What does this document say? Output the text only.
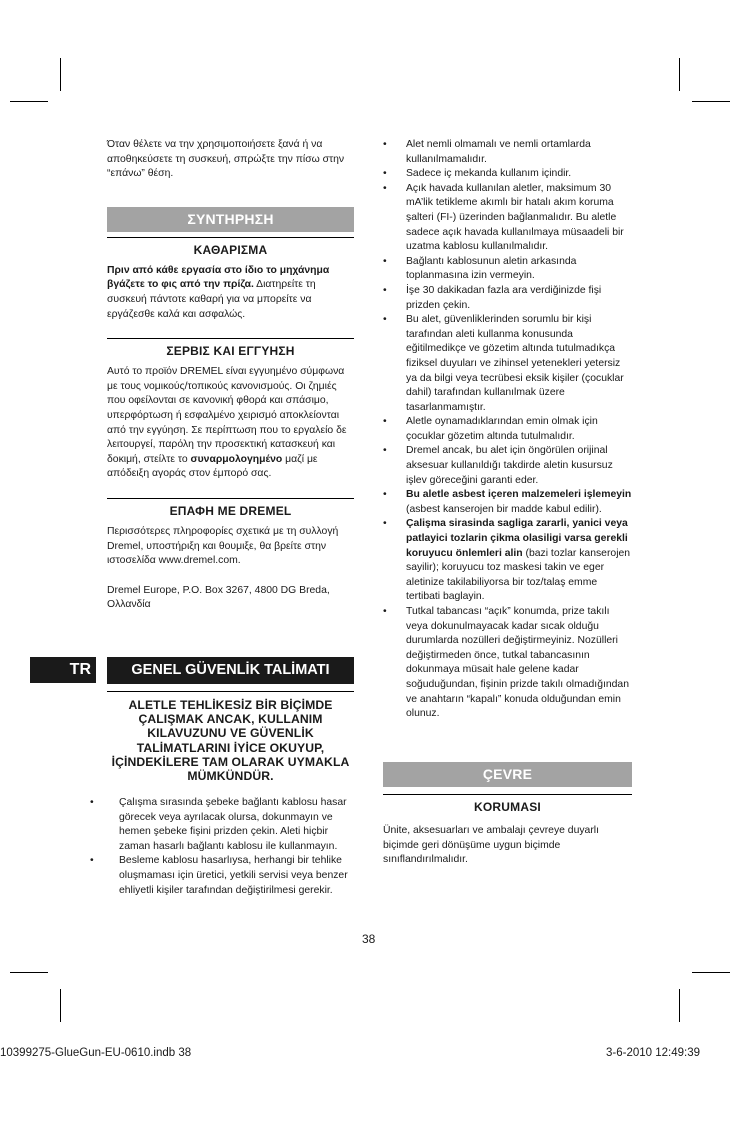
Όταν θέλετε να την χρησιμοποιήσετε ξανά ή να αποθηκεύσετε τη συσκευή, σπρώξτε την πίσω στην “επάνω” θέση.

ΣΥΝΤΗΡΗΣΗ
ΚΑΘΑΡΙΣΜΑ

Πριν από κάθε εργασία στο ίδιο το μηχάνημα βγάζετε το φις από την πρίζα. Διατηρείτε τη συσκευή πάντοτε καθαρή για να μπορείτε να εργάζεσθε καλά και ασφαλώς.

ΣΕΡΒΙΣ ΚΑΙ ΕΓΓΥΗΣΗ

Αυτό το προϊόν DREMEL είναι εγγυημένο σύμφωνα με τους νομικούς/τοπικούς κανονισμούς. Οι ζημιές που οφείλονται σε κανονική φθορά και σπάσιμο, υπερφόρτωση ή εσφαλμένο χειρισμό αποκλείονται από την εγγύηση. Σε περίπτωση που το εργαλείο δε λειτουργεί, παρόλη την προσεκτική κατασκευή και δοκιμή, στείλτε το συναρμολογημένο μαζί με απόδειξη αγοράς στον έμπορό σας.

ΕΠΑΦΗ ΜΕ DREMEL

Περισσότερες πληροφορίες σχετικά με τη συλλογή Dremel, υποστήριξη και θουμιξε, θα βρείτε στην ιστοσελίδα www.dremel.com.

Dremel Europe, P.O. Box 3267, 4800 DG Breda, Ολλανδία

TR	GENEL GÜVENLİK TALİMATI
ALETLE TEHLİKESİZ BİR BİÇİMDE ÇALIŞMAK ANCAK, KULLANIM KILAVUZUNU VE GÜVENLİK TALİMATLARINI İYİCE OKUYUP, İÇİNDEKİLERE TAM OLARAK UYMAKLA MÜMKÜNDÜR.
• Çalışma sırasında şebeke bağlantı kablosu hasar görecek veya ayrılacak olursa, dokunmayın ve hemen şebeke fişini prizden çekin. Aleti hiçbir zaman hasarlı bağlantı kablosu ile kullanmayın.
• Besleme kablosu hasarlıysa, herhangi bir tehlike oluşmaması için üretici, yetkili servisi veya benzer ehliyetli kişiler tarafından değiştirilmesi gerekir.
• Alet nemli olmamalı ve nemli ortamlarda kullanılmamalıdır.
• Sadece iç mekanda kullanım içindir.
• Açık havada kullanılan aletler, maksimum 30 mA’lik tetikleme akımlı bir hatalı akım koruma şalteri (FI-) üzerinden bağlanmalıdır. Bu aletle sadece açık havada kullanılmaya müsaadeli bir uzatma kablosu kullanılmalıdır.
• Bağlantı kablosunun aletin arkasında toplanmasına izin vermeyin.
• İşe 30 dakikadan fazla ara verdiğinizde fişi prizden çekin.
• Bu alet, güvenliklerinden sorumlu bir kişi tarafından aleti kullanma konusunda eğitilmedikçe ve gözetim altında tutulmadıkça fiziksel duyuları ve zihinsel yetenekleri yetersiz ya da bilgi veya tecrübesi eksik kişiler (çocuklar dahil) tarafından kullanılmak üzere tasarlanmamıştır.
• Aletle oynamadıklarından emin olmak için çocuklar gözetim altında tutulmalıdır.
• Dremel ancak, bu alet için öngörülen orijinal aksesuar kullanıldığı takdirde aletin kusursuz işlev göreceğini garanti eder.
• Bu aletle asbest içeren malzemeleri işlemeyin (asbest kanserojen bir madde kabul edilir).
• Çalişma sirasinda sagliga zararli, yanici veya patlayici tozlarin çikma olasiligi varsa gerekli koruyucu önlemleri alin (bazi tozlar kanserojen sayilir); koruyucu toz maskesi takin ve eger aletinize takilabiliyorsa bir toz/talaş emme tertibati baglayin.
• Tutkal tabancası “açık” konumda, prize takılı veya dokunulmayacak kadar sıcak olduğu durumlarda nozülleri değiştirmeyiniz. Nozülleri değiştirmeden önce, tutkal tabancasının dokunmaya müsait hale gelene kadar soğuduğundan, fişinin prizde takılı olmadığından ve anahtarın “kapalı” konuda olduğundan emin olunuz.
ÇEVRE
KORUMASI

Ünite, aksesuarları ve ambalajı çevreye duyarlı biçimde geri dönüşüme uygun biçimde sınıflandırılmalıdır.

38
10399275-GlueGun-EU-0610.indb 38	3-6-2010 12:49:39
